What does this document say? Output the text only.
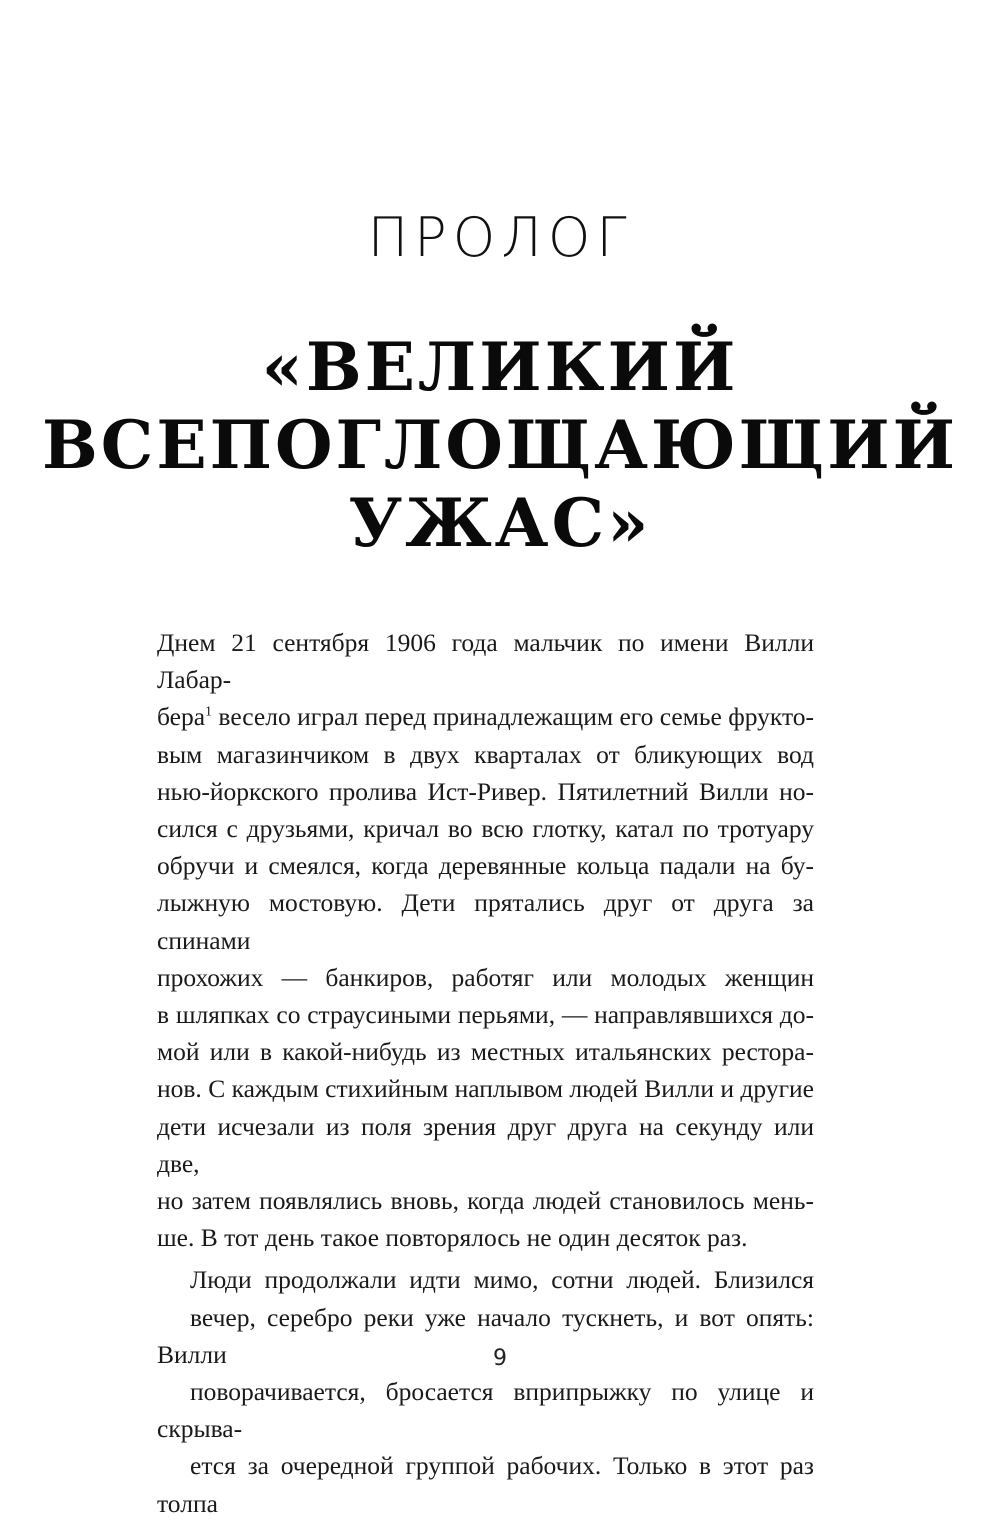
ПРОЛОГ
«ВЕЛИКИЙ
ВСЕПОГЛОЩАЮЩИЙ
УЖАС»

Днем 21 сентября 1906 года мальчик по имени Вилли Лабар-
бера$^1$ весело играл перед принадлежащим его семье фрукто-
вым магазинчиком в двух кварталах от бликующих вод
нью-йоркского пролива Ист-Ривер. Пятилетний Вилли но-
сился с друзьями, кричал во всю глотку, катал по тротуару
обручи и смеялся, когда деревянные кольца падали на бу-
лыжную мостовую. Дети прятались друг от друга за спинами
прохожих — банкиров, работяг или молодых женщин
в шляпках со страусиными перьями, — направлявшихся до-
мой или в какой-нибудь из местных итальянских рестора-
нов. С каждым стихийным наплывом людей Вилли и другие
дети исчезали из поля зрения друг друга на секунду или две,
но затем появлялись вновь, когда людей становилось мень-
ше. В тот день такое повторялось не один десяток раз.

Люди продолжали идти мимо, сотни людей. Близился
вечер, серебро реки уже начало тускнеть, и вот опять: Вилли
поворачивается, бросается вприпрыжку по улице и скрыва-
ется за очередной группой рабочих. Только в этот раз толпа

9
